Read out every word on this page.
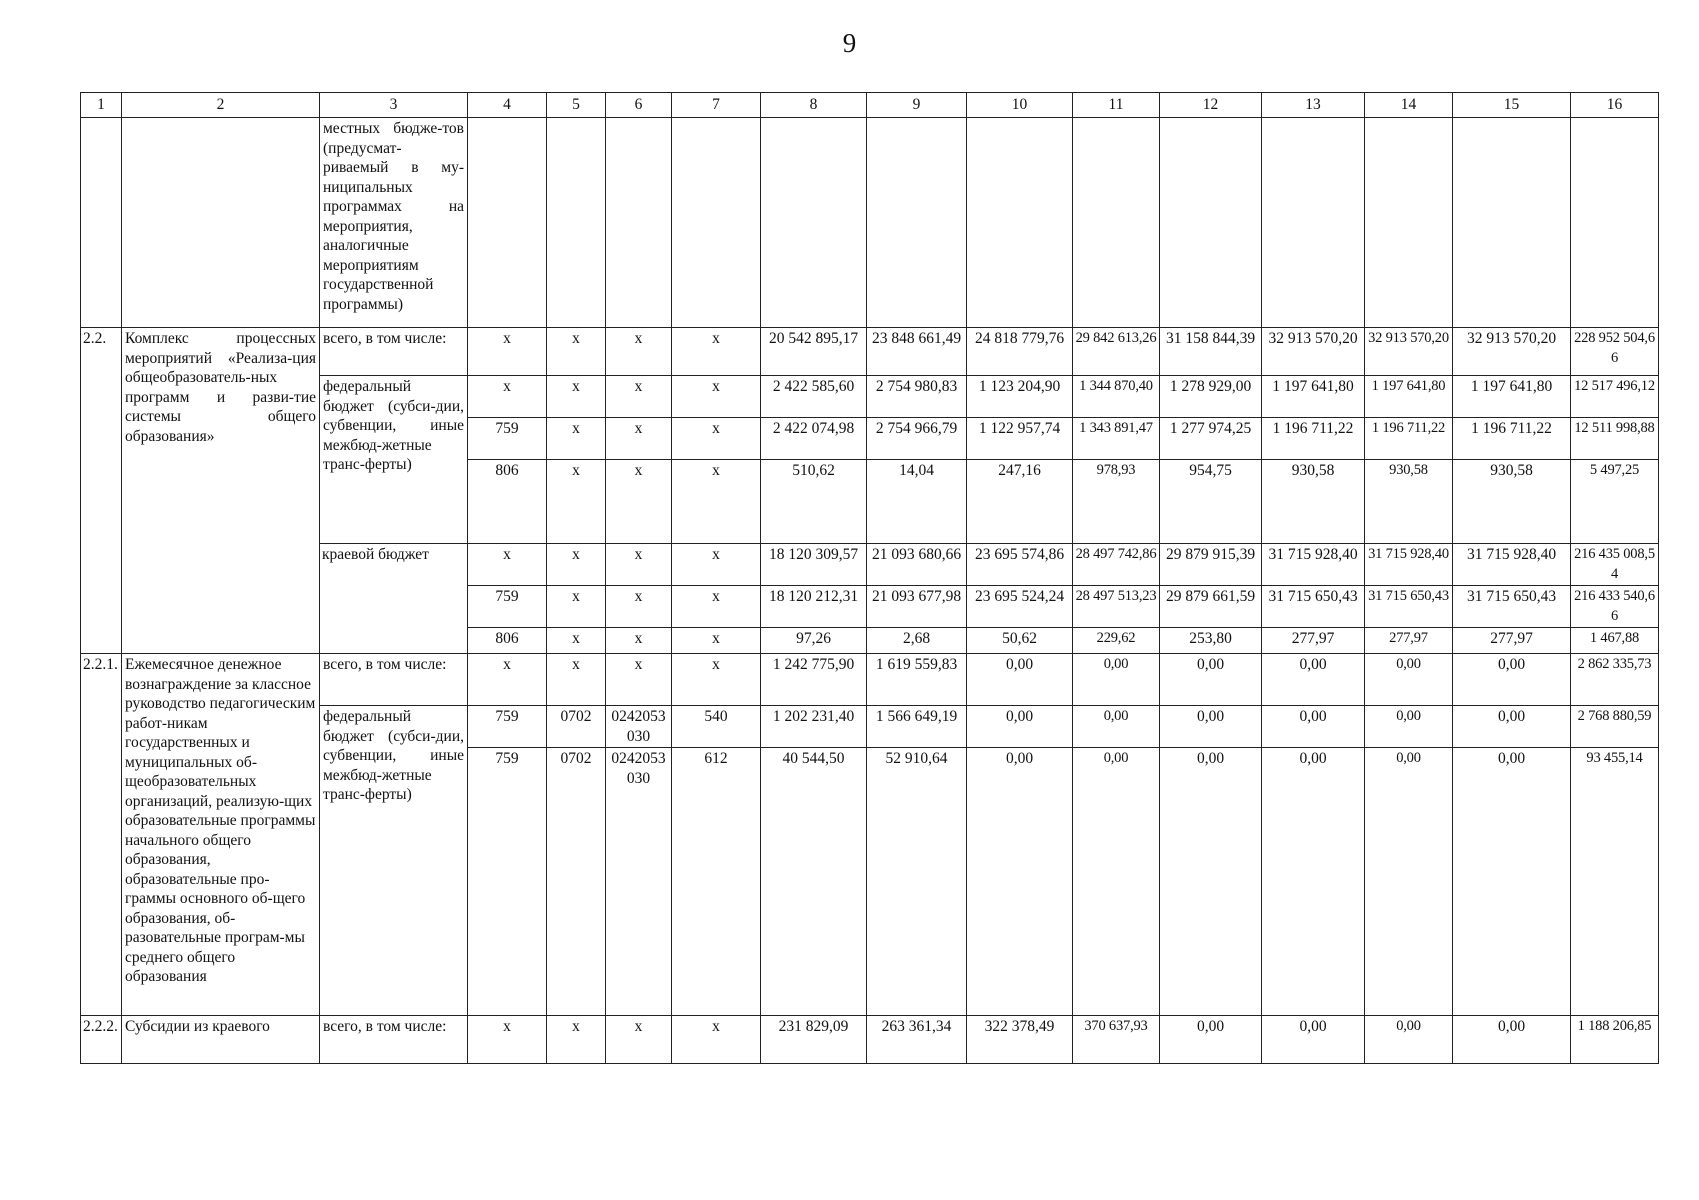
9
1	2	3	4	5	6	7	8	9	10	11	12	13	14	15	16
		местных бюдже-тов (предусмат-риваемый в му-ниципальных программах на мероприятия, аналогичные мероприятиям государственной программы)													
2.2.	Комплекс процессных мероприятий «Реализа-ция общеобразователь-ных программ и разви-тие системы общего образования»	всего, в том числе:	х	х	х	х	20 542 895,17	23 848 661,49	24 818 779,76	29 842 613,26	31 158 844,39	32 913 570,20	32 913 570,20	32 913 570,20	228 952 504,66
		федеральный бюджет (субси-дии, субвенции, иные межбюд-жетные транс-ферты)	х	х	х	х	2 422 585,60	2 754 980,83	1 123 204,90	1 344 870,40	1 278 929,00	1 197 641,80	1 197 641,80	1 197 641,80	12 517 496,12
			759	х	х	х	2 422 074,98	2 754 966,79	1 122 957,74	1 343 891,47	1 277 974,25	1 196 711,22	1 196 711,22	1 196 711,22	12 511 998,88
			806	х	х	х	510,62	14,04	247,16	978,93	954,75	930,58	930,58	930,58	5 497,25
		краевой бюджет	х	х	х	х	18 120 309,57	21 093 680,66	23 695 574,86	28 497 742,86	29 879 915,39	31 715 928,40	31 715 928,40	31 715 928,40	216 435 008,54
			759	х	х	х	18 120 212,31	21 093 677,98	23 695 524,24	28 497 513,23	29 879 661,59	31 715 650,43	31 715 650,43	31 715 650,43	216 433 540,66
			806	х	х	х	97,26	2,68	50,62	229,62	253,80	277,97	277,97	277,97	1 467,88
2.2.1.	Ежемесячное денежное вознаграждение за классное руководство педагогическим работ-никам государственных и муниципальных об-щеобразовательных организаций, реализую-щих образовательные программы начального общего образования, образовательные про-граммы основного об-щего образования, об-разовательные програм-мы среднего общего образования	всего, в том числе:	х	х	х	х	1 242 775,90	1 619 559,83	0,00	0,00	0,00	0,00	0,00	0,00	2 862 335,73
		федеральный бюджет (субси-дии, субвенции, иные межбюд-жетные транс-ферты)	759	0702	0242053030	540	1 202 231,40	1 566 649,19	0,00	0,00	0,00	0,00	0,00	0,00	2 768 880,59
			759	0702	0242053030	612	40 544,50	52 910,64	0,00	0,00	0,00	0,00	0,00	0,00	93 455,14
2.2.2.	Субсидии из краевого	всего, в том числе:	х	х	х	х	231 829,09	263 361,34	322 378,49	370 637,93	0,00	0,00	0,00	0,00	1 188 206,85
